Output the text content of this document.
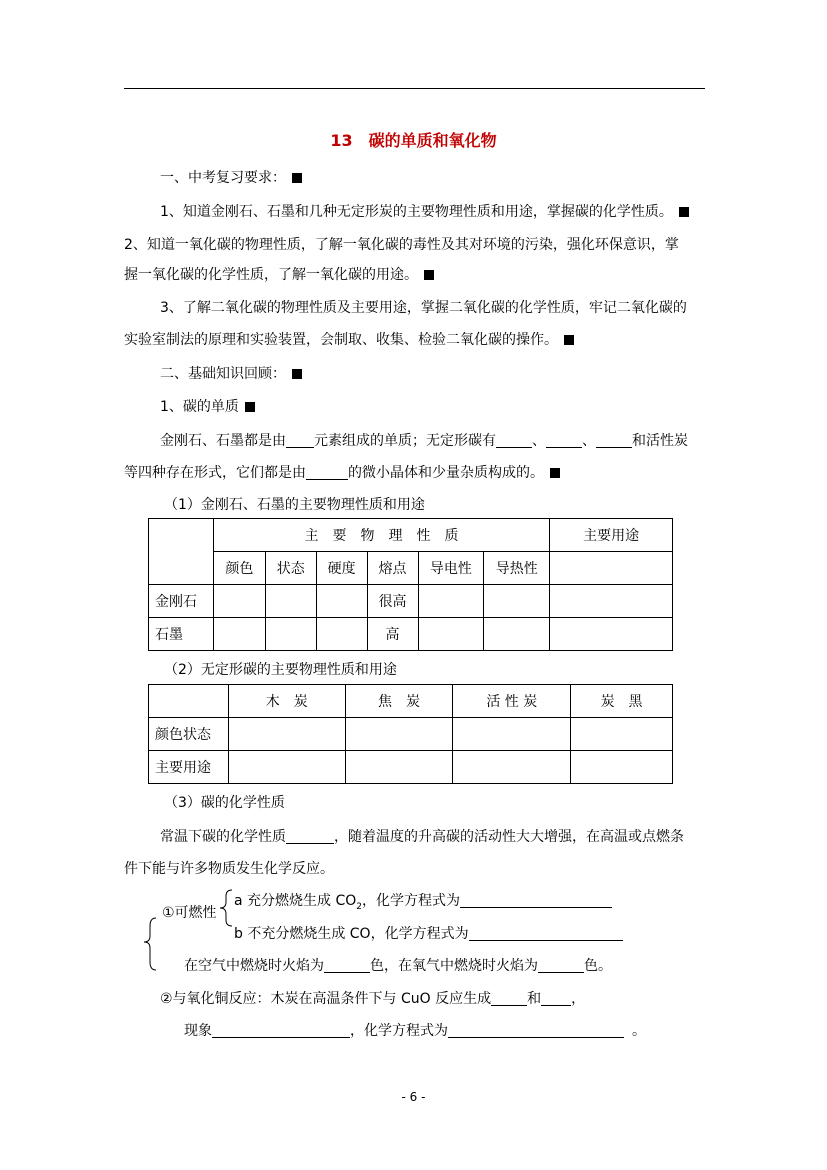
13　碳的单质和氧化物
一、中考复习要求：
1、知道金刚石、石墨和几种无定形炭的主要物理性质和用途，掌握碳的化学性质。
2、知道一氧化碳的物理性质，了解一氧化碳的毒性及其对环境的污染，强化环保意识，掌
握一氧化碳的化学性质，了解一氧化碳的用途。
3、了解二氧化碳的物理性质及主要用途，掌握二氧化碳的化学性质，牢记二氧化碳的
实验室制法的原理和实验装置，会制取、收集、检验二氧化碳的操作。
二、基础知识回顾：
1、碳的单质
金刚石、石墨都是由 元素组成的单质；无定形碳有	、	、	和活性炭
等四种存在形式，它们都是由	的微小晶体和少量杂质构成的。
（1）金刚石、石墨的主要物理性质和用途
	主　要　物　理　性　质						主要用途
	颜色	状态	硬度	熔点	导电性	导热性	
金刚石				很高			
石墨				高			
（2）无定形碳的主要物理性质和用途
	木　炭	焦　炭	活 性 炭	炭　黑
颜色状态				
主要用途				
（3）碳的化学性质
常温下碳的化学性质	，随着温度的升高碳的活动性大大增强，在高温或点燃条
件下能与许多物质发生化学反应。
①可燃性
a 充分燃烧生成 $CO_2$，化学方程式为
b 不充分燃烧生成 CO，化学方程式为
在空气中燃烧时火焰为	色，在氧气中燃烧时火焰为	色。
②与氧化铜反应：木炭在高温条件下与 CuO 反应生成	和 ，
现象	，化学方程式为	。
- 6 -
